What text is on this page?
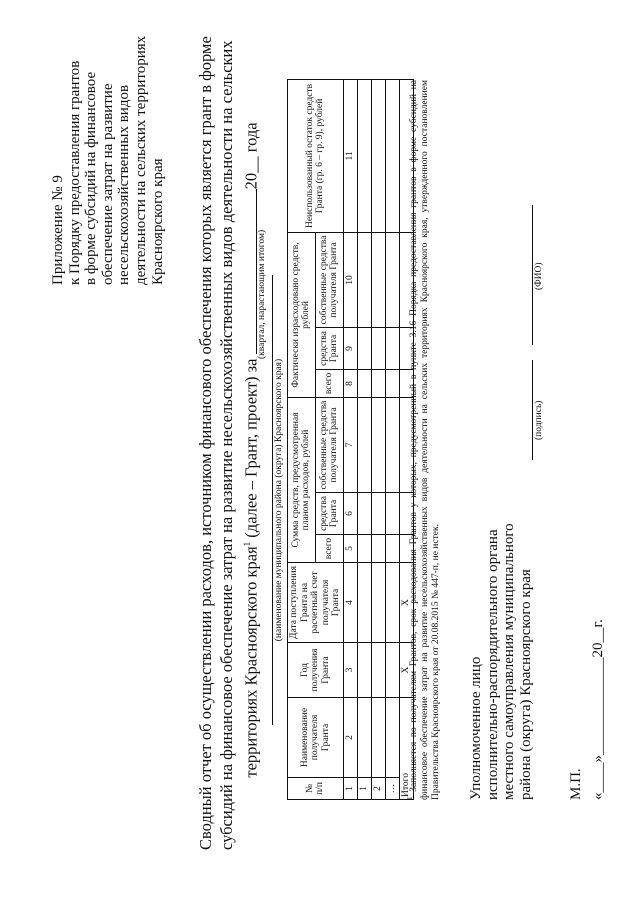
Приложение № 9 к Порядку предоставления грантов в форме субсидий на финансовое обеспечение затрат на развитие несельскохозяйственных видов деятельности на сельских территориях Красноярского края Сводный отчет об осуществлении расходов, источником финансового обеспечения которых является грант в форме субсидий на финансовое обеспечение затрат на развитие несельскохозяйственных видов деятельности на сельских территориях Красноярского края$^1$ (далее – Грант, проект) за 20__ года
(квартал, нарастающим итогом)
(наименование муниципального района (округа) Красноярского края)
№ п/п	Наименование получателя Гранта	Год получения Гранта	Дата поступления Гранта на расчетный счет получателя Гранта	Сумма средств, предусмотренная планом расходов, рублей			Фактически израсходовано средств, рублей			Неиспользованный остаток средств Гранта (гр. 6 – гр. 9), рублей
				всего	средства Гранта	собственные средства получателя Гранта	всего	средства Гранта	собственные средства получателя Гранта	
1	2	3	4	5	6	7	8	9	10	11
1										
2										
…										
Итого		Х	Х							
$^1$ Заполняется по получателям Грантов, срок расходования Грантов у которых, предусмотренный в пункте 3.16 Порядка предоставления грантов в форме субсидий на финансовое обеспечение затрат на развитие несельскохозяйственных видов деятельности на сельских территориях Красноярского края, утвержденного постановлением Правительства Красноярского края от 20.08.2015 № 447-п, не истек. Уполномоченное лицо исполнительно-распорядительного органа местного самоуправления муниципального района (округа) Красноярского края
(подпись)
(ФИО)
М.П. «____»_____________20__г.
